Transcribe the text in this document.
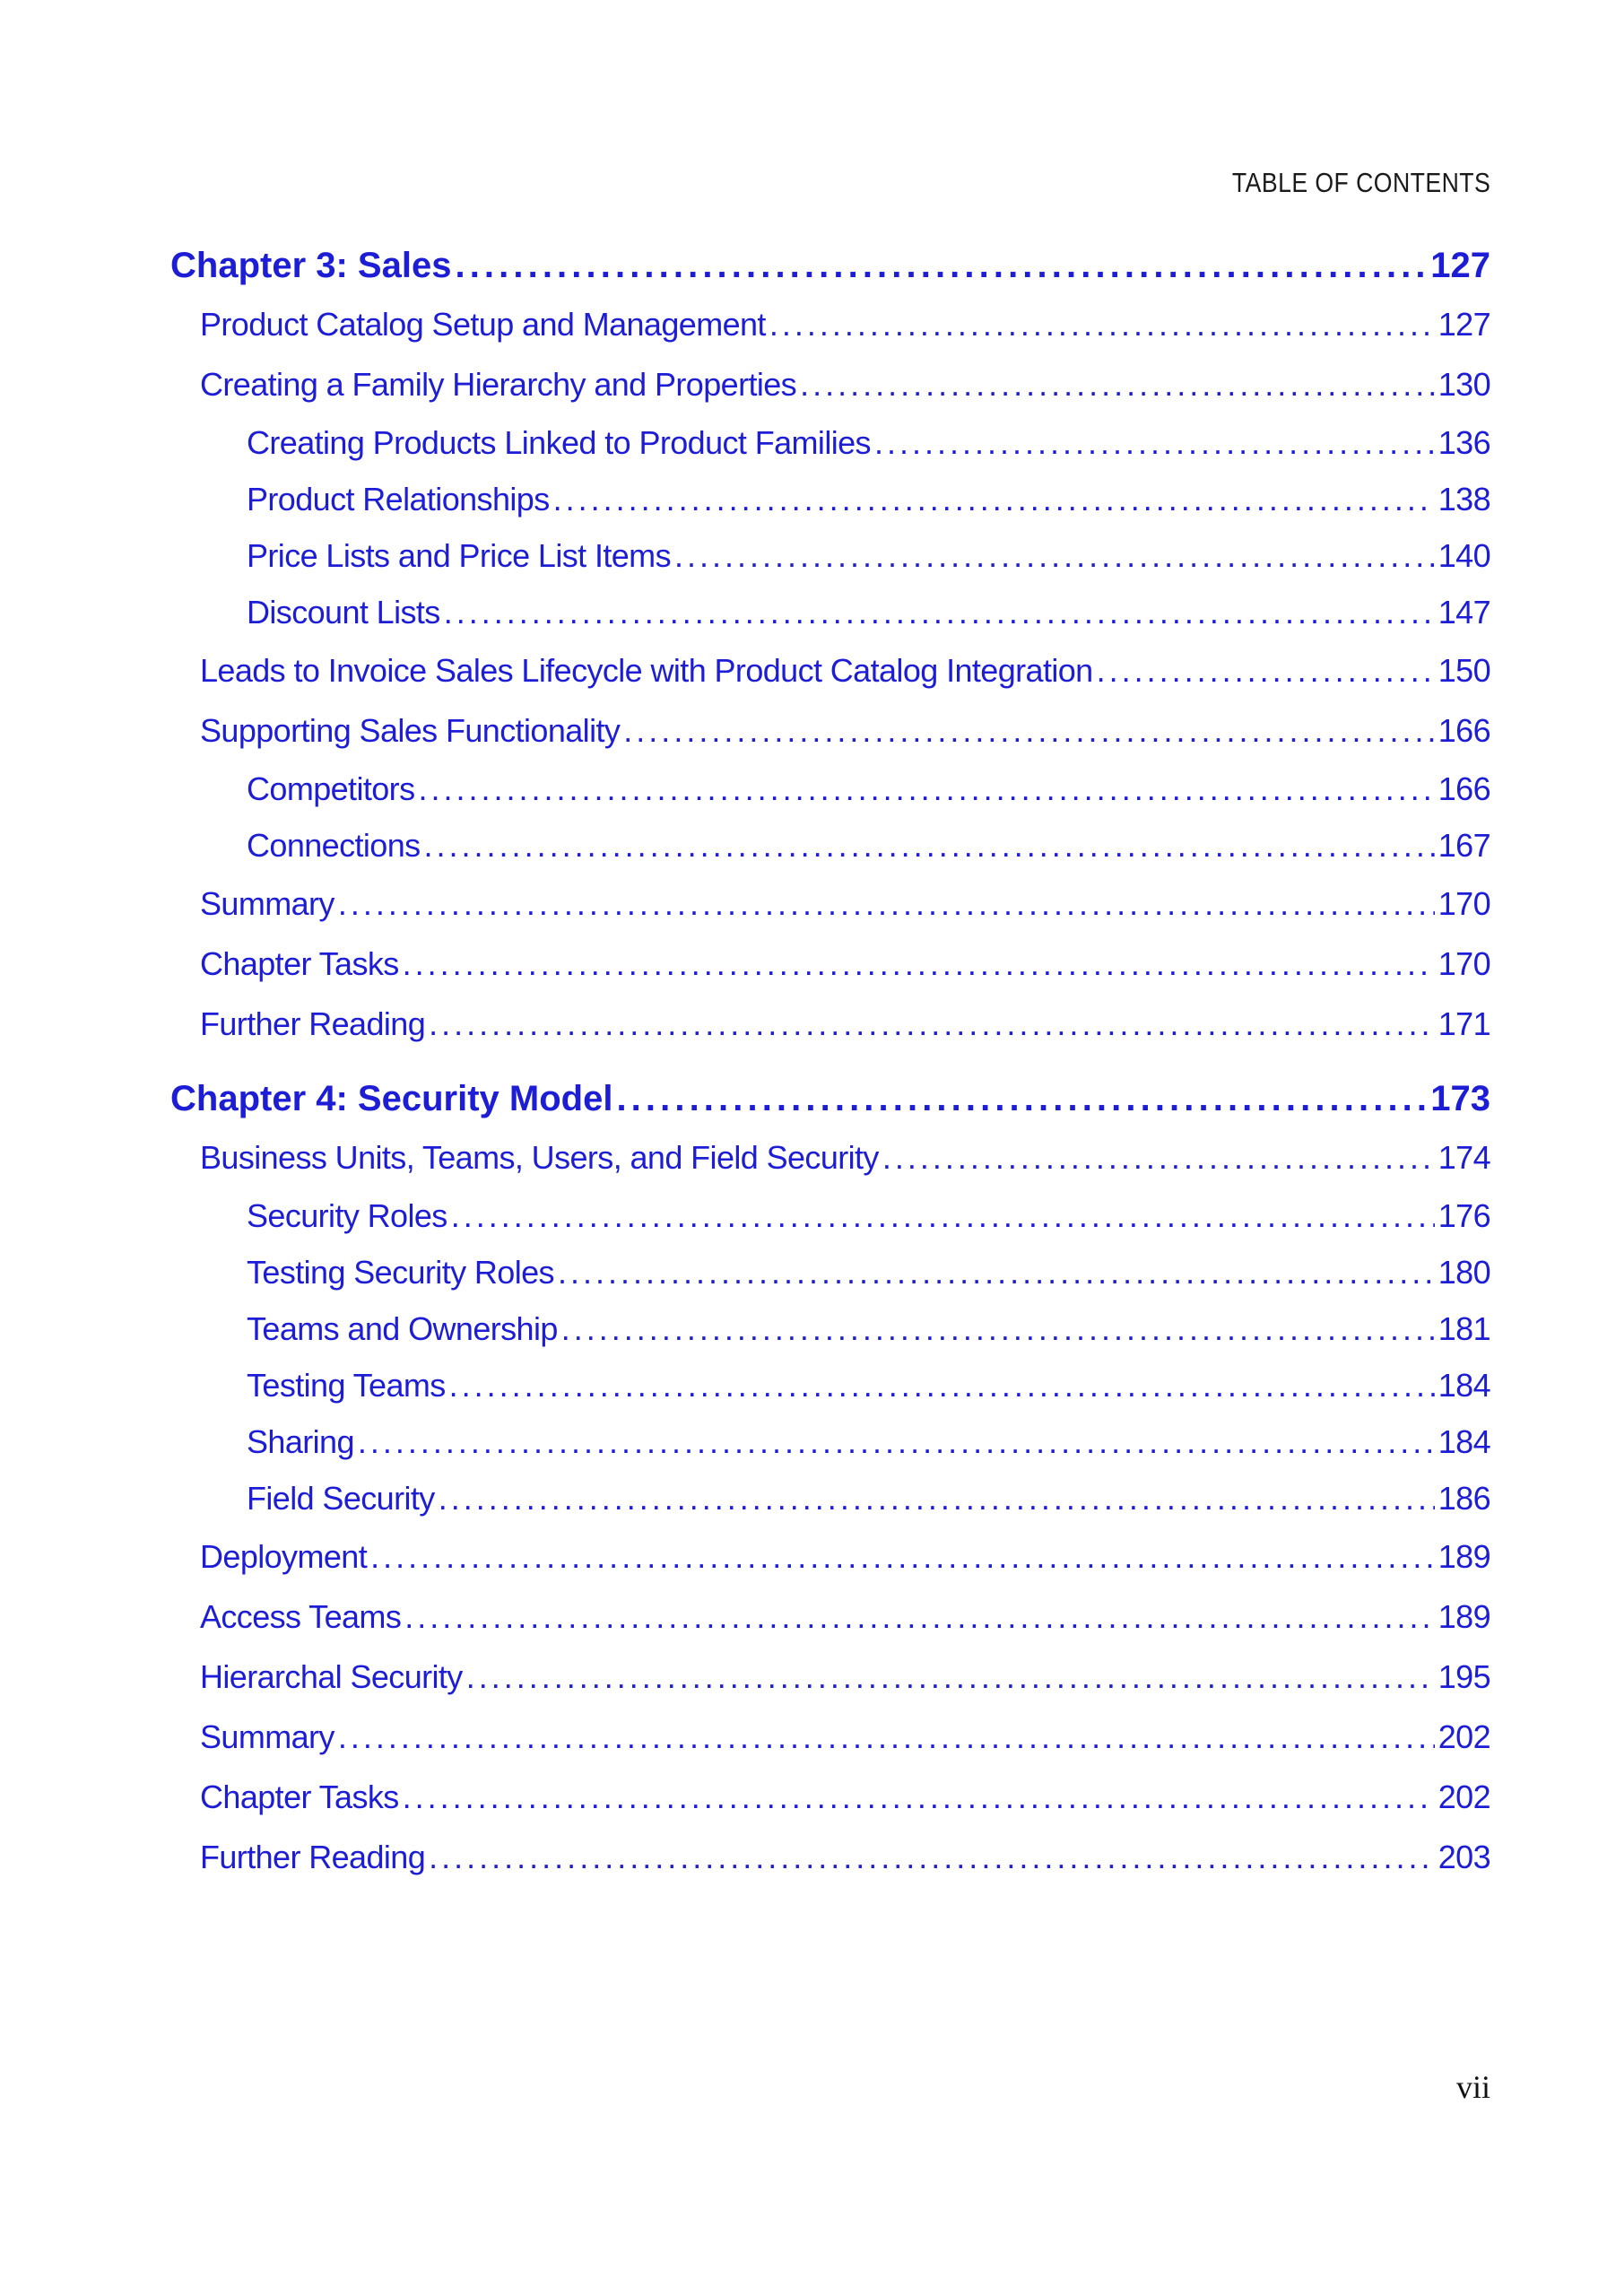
TABLE OF CONTENTS
Chapter 3: Sales . . .	127
Product Catalog Setup and Management . . .	127
Creating a Family Hierarchy and Properties . . .	130
Creating Products Linked to Product Families . . .	136
Product Relationships . . .	138
Price Lists and Price List Items . . .	140
Discount Lists . . .	147
Leads to Invoice Sales Lifecycle with Product Catalog Integration . . .	150
Supporting Sales Functionality . . .	166
Competitors . . .	166
Connections . . .	167
Summary . . .	170
Chapter Tasks . . .	170
Further Reading . . .	171
Chapter 4: Security Model . . .	173
Business Units, Teams, Users, and Field Security . . .	174
Security Roles . . .	176
Testing Security Roles . . .	180
Teams and Ownership . . .	181
Testing Teams . . .	184
Sharing . . .	184
Field Security . . .	186
Deployment . . .	189
Access Teams . . .	189
Hierarchal Security . . .	195
Summary . . .	202
Chapter Tasks . . .	202
Further Reading . . .	203
vii
